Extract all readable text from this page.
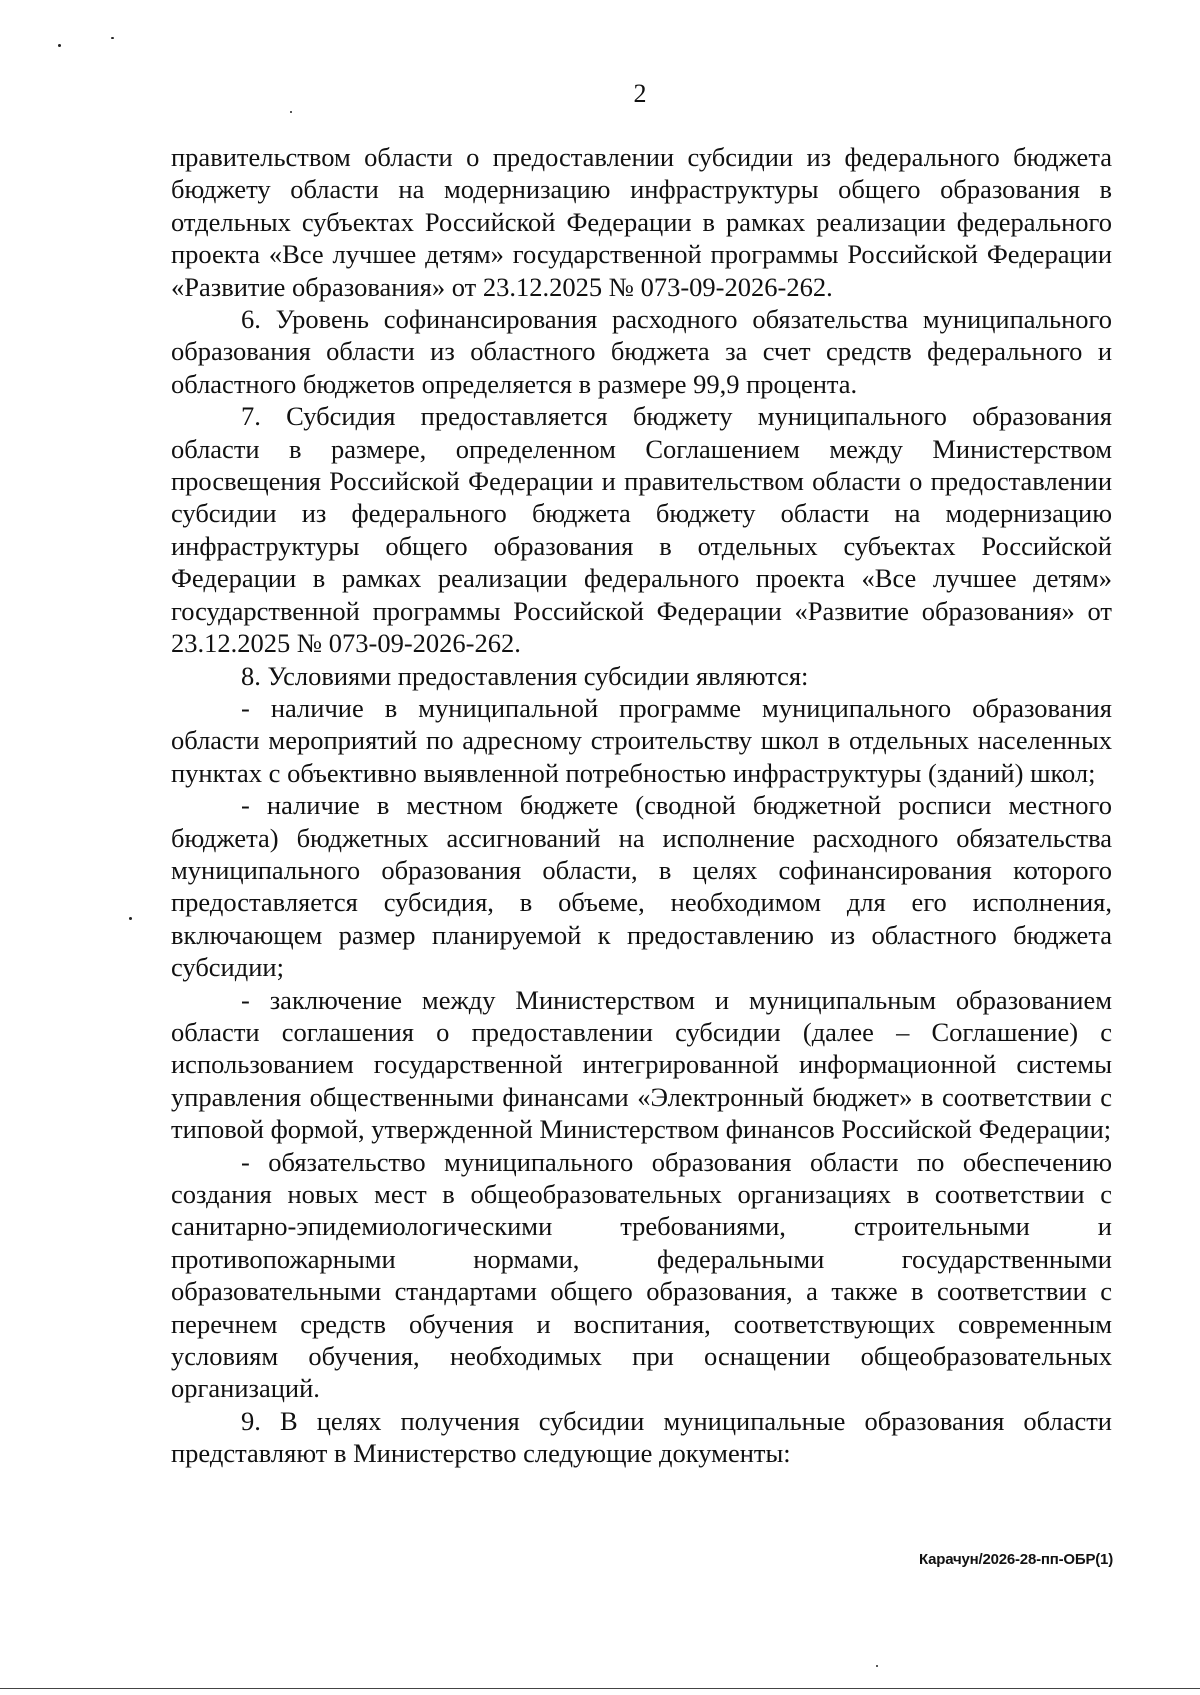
2

правительством области о предоставлении субсидии из федерального бюджета бюджету области на модернизацию инфраструктуры общего образования в отдельных субъектах Российской Федерации в рамках реализации федерального проекта «Все лучшее детям» государственной программы Российской Федерации «Развитие образования» от 23.12.2025 № 073-09-2026-262.

6. Уровень софинансирования расходного обязательства муниципального образования области из областного бюджета за счет средств федерального и областного бюджетов определяется в размере 99,9 процента.

7. Субсидия предоставляется бюджету муниципального образования области в размере, определенном Соглашением между Министерством просвещения Российской Федерации и правительством области о предоставлении субсидии из федерального бюджета бюджету области на модернизацию инфраструктуры общего образования в отдельных субъектах Российской Федерации в рамках реализации федерального проекта «Все лучшее детям» государственной программы Российской Федерации «Развитие образования» от 23.12.2025 № 073-09-2026-262.

8. Условиями предоставления субсидии являются:

- наличие в муниципальной программе муниципального образования области мероприятий по адресному строительству школ в отдельных населенных пунктах с объективно выявленной потребностью инфраструктуры (зданий) школ;

- наличие в местном бюджете (сводной бюджетной росписи местного бюджета) бюджетных ассигнований на исполнение расходного обязательства муниципального образования области, в целях софинансирования которого предоставляется субсидия, в объеме, необходимом для его исполнения, включающем размер планируемой к предоставлению из областного бюджета субсидии;

- заключение между Министерством и муниципальным образованием области соглашения о предоставлении субсидии (далее – Соглашение) с использованием государственной интегрированной информационной системы управления общественными финансами «Электронный бюджет» в соответствии с типовой формой, утвержденной Министерством финансов Российской Федерации;

- обязательство муниципального образования области по обеспечению создания новых мест в общеобразовательных организациях в соответствии с санитарно-эпидемиологическими требованиями, строительными и противопожарными нормами, федеральными государственными образовательными стандартами общего образования, а также в соответствии с перечнем средств обучения и воспитания, соответствующих современным условиям обучения, необходимых при оснащении общеобразовательных организаций.

9. В целях получения субсидии муниципальные образования области представляют в Министерство следующие документы:

Карачун/2026-28-пп-ОБР(1)
